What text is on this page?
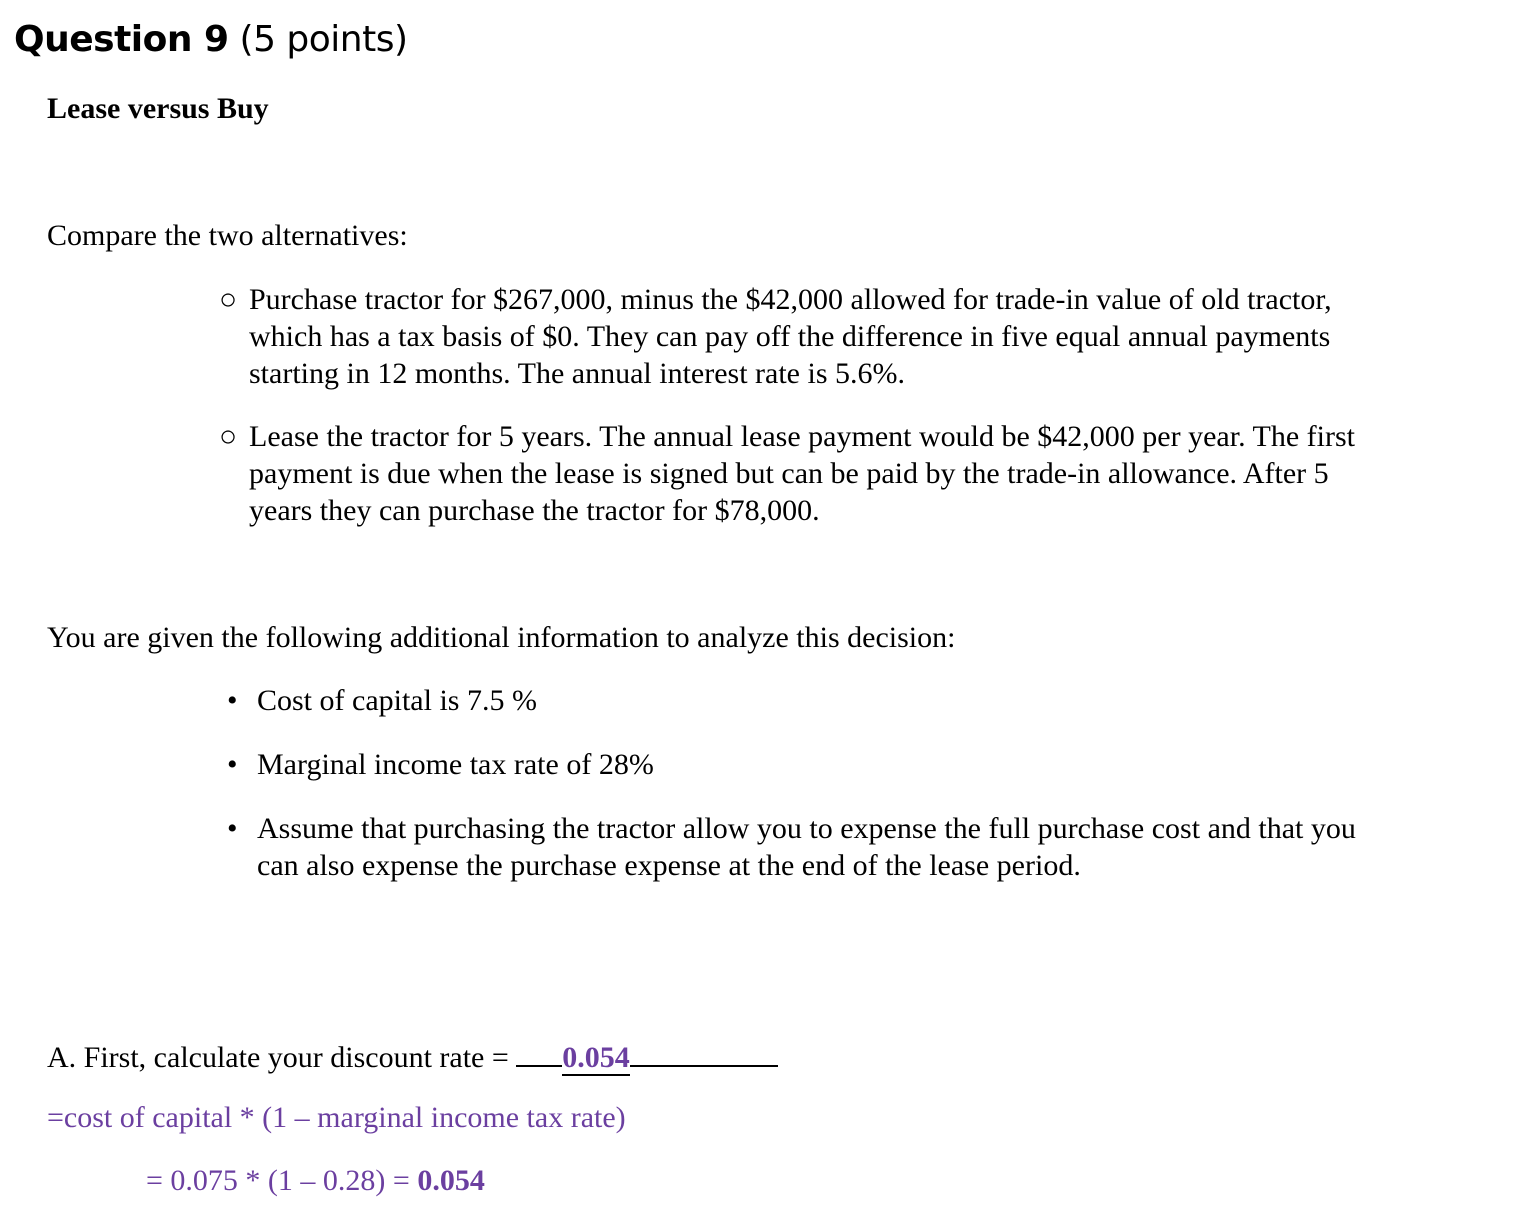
Question 9 (5 points)
Lease versus Buy
Compare the two alternatives:
○ Purchase tractor for $267,000, minus the $42,000 allowed for trade-in value of old tractor,
which has a tax basis of $0. They can pay off the difference in five equal annual payments
starting in 12 months. The annual interest rate is 5.6%.
○ Lease the tractor for 5 years. The annual lease payment would be $42,000 per year. The first
payment is due when the lease is signed but can be paid by the trade-in allowance. After 5
years they can purchase the tractor for $78,000.
You are given the following additional information to analyze this decision:
• Cost of capital is 7.5 %
• Marginal income tax rate of 28%
• Assume that purchasing the tractor allow you to expense the full purchase cost and that you
can also expense the purchase expense at the end of the lease period.
A. First, calculate your discount rate = 0.054
=cost of capital * (1 – marginal income tax rate)
= 0.075 * (1 – 0.28) = 0.054
